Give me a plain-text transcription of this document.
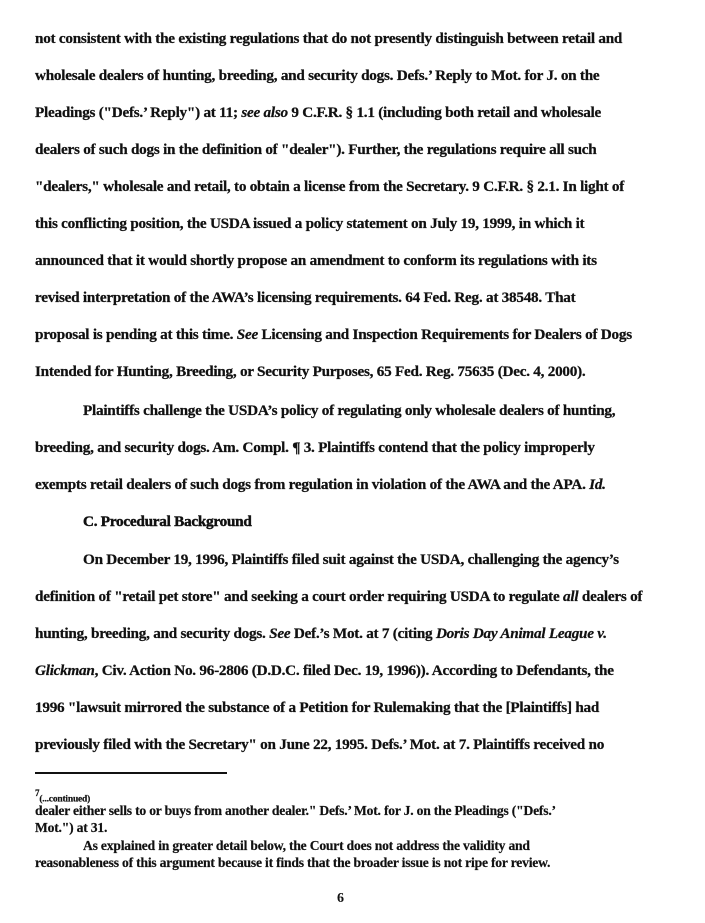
not consistent with the existing regulations that do not presently distinguish between retail and
wholesale dealers of hunting, breeding, and security dogs. Defs.’ Reply to Mot. for J. on the
Pleadings ("Defs.’ Reply") at 11; see also 9 C.F.R. § 1.1 (including both retail and wholesale
dealers of such dogs in the definition of "dealer"). Further, the regulations require all such
"dealers," wholesale and retail, to obtain a license from the Secretary. 9 C.F.R. § 2.1. In light of
this conflicting position, the USDA issued a policy statement on July 19, 1999, in which it
announced that it would shortly propose an amendment to conform its regulations with its
revised interpretation of the AWA’s licensing requirements. 64 Fed. Reg. at 38548. That
proposal is pending at this time. See Licensing and Inspection Requirements for Dealers of Dogs
Intended for Hunting, Breeding, or Security Purposes, 65 Fed. Reg. 75635 (Dec. 4, 2000).
Plaintiffs challenge the USDA’s policy of regulating only wholesale dealers of hunting,
breeding, and security dogs. Am. Compl. ¶ 3. Plaintiffs contend that the policy improperly
exempts retail dealers of such dogs from regulation in violation of the AWA and the APA. Id.
C. Procedural Background
On December 19, 1996, Plaintiffs filed suit against the USDA, challenging the agency’s
definition of "retail pet store" and seeking a court order requiring USDA to regulate all dealers of
hunting, breeding, and security dogs. See Def.’s Mot. at 7 (citing Doris Day Animal League v.
Glickman, Civ. Action No. 96-2806 (D.D.C. filed Dec. 19, 1996)). According to Defendants, the
1996 "lawsuit mirrored the substance of a Petition for Rulemaking that the [Plaintiffs] had
previously filed with the Secretary" on June 22, 1995. Defs.’ Mot. at 7. Plaintiffs received no
$^7$(...continued)
dealer either sells to or buys from another dealer." Defs.’ Mot. for J. on the Pleadings ("Defs.’
Mot.") at 31.
As explained in greater detail below, the Court does not address the validity and
reasonableness of this argument because it finds that the broader issue is not ripe for review.
6
